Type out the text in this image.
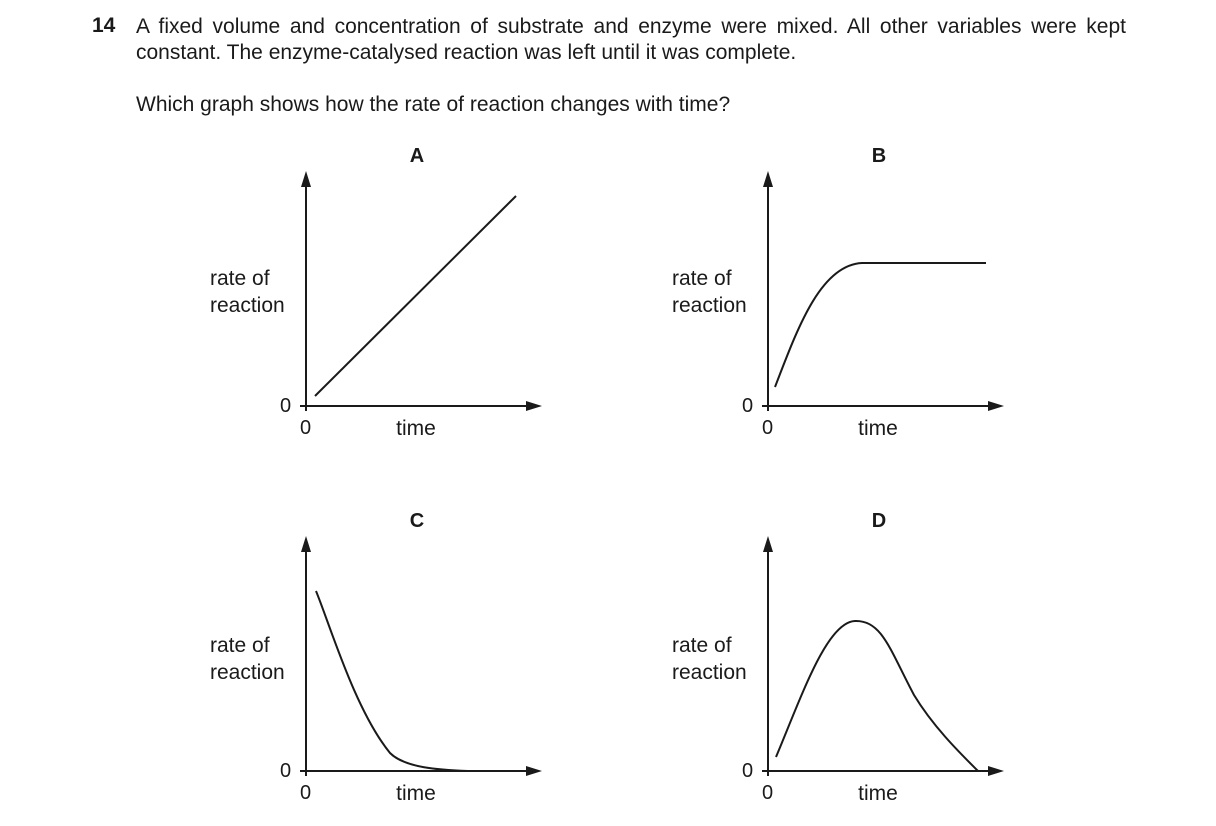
14 A fixed volume and concentration of substrate and enzyme were mixed. All other variables were kept constant. The enzyme-catalysed reaction was left until it was complete.

Which graph shows how the rate of reaction changes with time?

A
rate of
reaction
0
0	time
B
rate of
reaction
0
0	time
C
rate of
reaction
0
0	time
D
rate of
reaction
0
0	time
